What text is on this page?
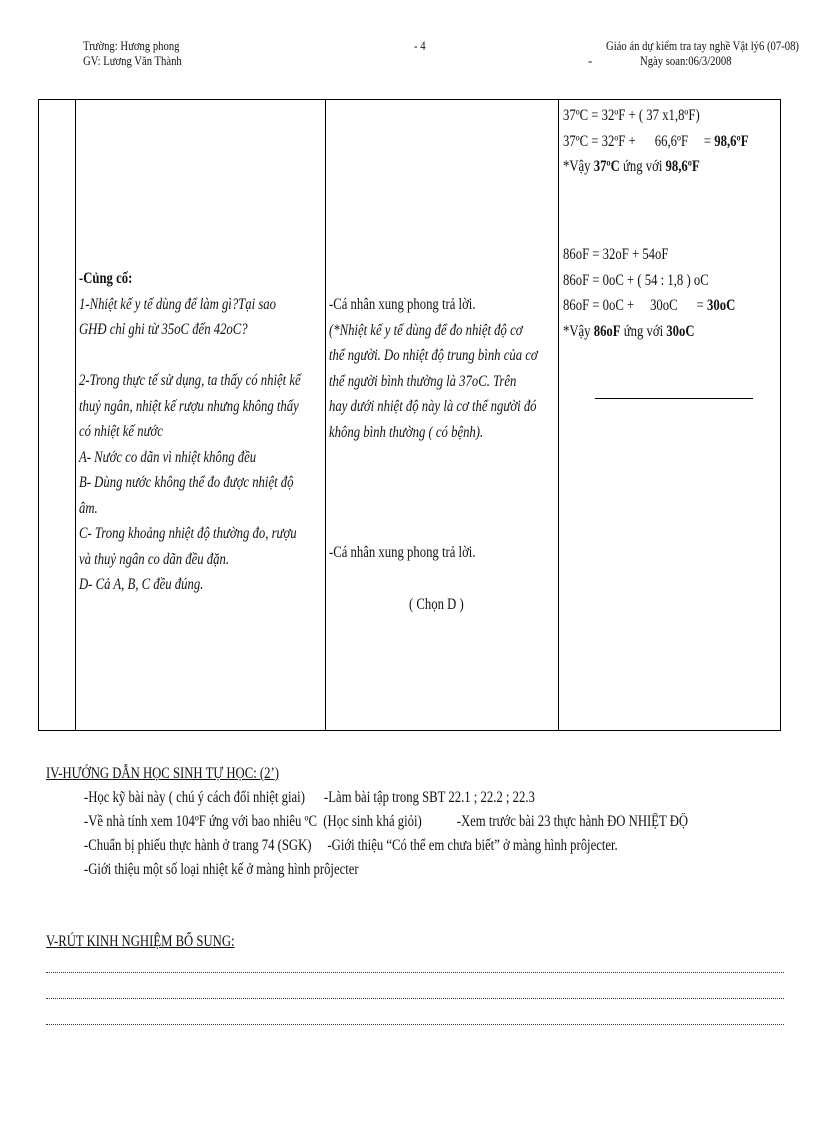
Trường: Hương phong
GV: Lương Văn Thành
- 4	Giáo án dự kiểm tra tay nghề Vật lý6 (07-08)
-	Ngày soan:06/3/2008
-Củng cố:
1-Nhiệt kế y tế dùng để làm gì?Tại sao
GHĐ chỉ ghi từ 35oC đến 42oC?

2-Trong thực tế sử dụng, ta thấy có nhiệt kế
thuỷ ngân, nhiệt kế rượu nhưng không thấy
có nhiệt kế nước
A- Nước co dãn vì nhiệt không đều
B- Dùng nước không thể đo được nhiệt độ
âm.
C- Trong khoảng nhiệt độ thường đo, rượu
và thuỷ ngân co dãn đều đặn.
D- Cả A, B, C đều đúng.
-Cá nhân xung phong trả lời.
(*Nhiệt kế y tế dùng để đo nhiệt độ cơ
thể người. Do nhiệt độ trung bình của cơ
thể người bình thường là 37oC. Trên
hay dưới nhiệt độ này là cơ thể người đó
không bình thường ( có bệnh).
-Cá nhân xung phong trả lời.
( Chọn D )
37ºC = 32ºF + ( 37 x1,8ºF)
37ºC = 32ºF +      66,6ºF     = 98,6ºF
*Vậy 37ºC ứng với 98,6ºF
86oF = 32oF + 54oF
86oF = 0oC + ( 54 : 1,8 ) oC
86oF = 0oC +     30oC      = 30oC
*Vậy 86oF ứng với 30oC
IV-HƯỚNG DẪN HỌC SINH TỰ HỌC: (2’)
-Học kỹ bài này ( chú ý cách đổi nhiệt giai)      -Làm bài tập trong SBT 22.1 ; 22.2 ; 22.3
-Về nhà tính xem 104ºF ứng với bao nhiêu ºC  (Học sinh khá giỏi)           -Xem trước bài 23 thực hành ĐO NHIỆT ĐỘ
-Chuẩn bị phiếu thực hành ở trang 74 (SGK)     -Giới thiệu “Có thể em chưa biết” ở màng hình prôjecter.
-Giới thiệu một số loại nhiệt kế ở màng hình prôjecter
V-RÚT KINH NGHIỆM BỔ SUNG:
